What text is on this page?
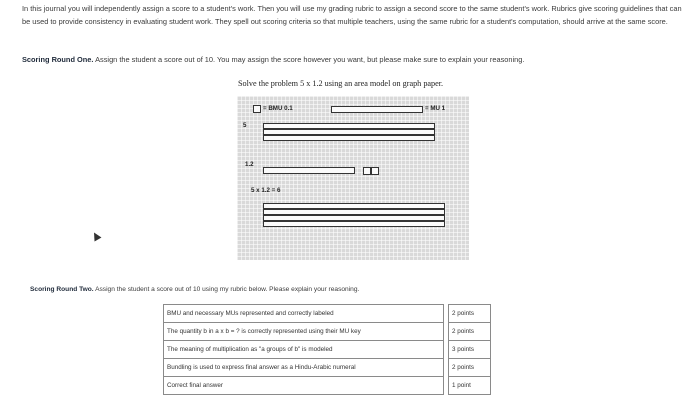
In this journal you will independently assign a score to a student's work. Then you will use my grading rubric to assign a second score to the same student's work. Rubrics give scoring guidelines that can be used to provide consistency in evaluating student work. They spell out scoring criteria so that multiple teachers, using the same rubric for a student's computation, should arrive at the same score.

Scoring Round One. Assign the student a score out of 10. You may assign the score however you want, but please make sure to explain your reasoning.

Solve the problem 5 x 1.2 using an area model on graph paper.
= BMU 0.1	= MU 1
5
1.2
5 x 1.2 = 6

Scoring Round Two. Assign the student a score out of 10 using my rubric below. Please explain your reasoning.

BMU and necessary MUs represented and correctly labeled		2 points
The quantity b in a x b = ? is correctly represented using their MU key		2 points
The meaning of multiplication as "a groups of b" is modeled		3 points
Bundling is used to express final answer as a Hindu-Arabic numeral		2 points
Correct final answer		1 point
